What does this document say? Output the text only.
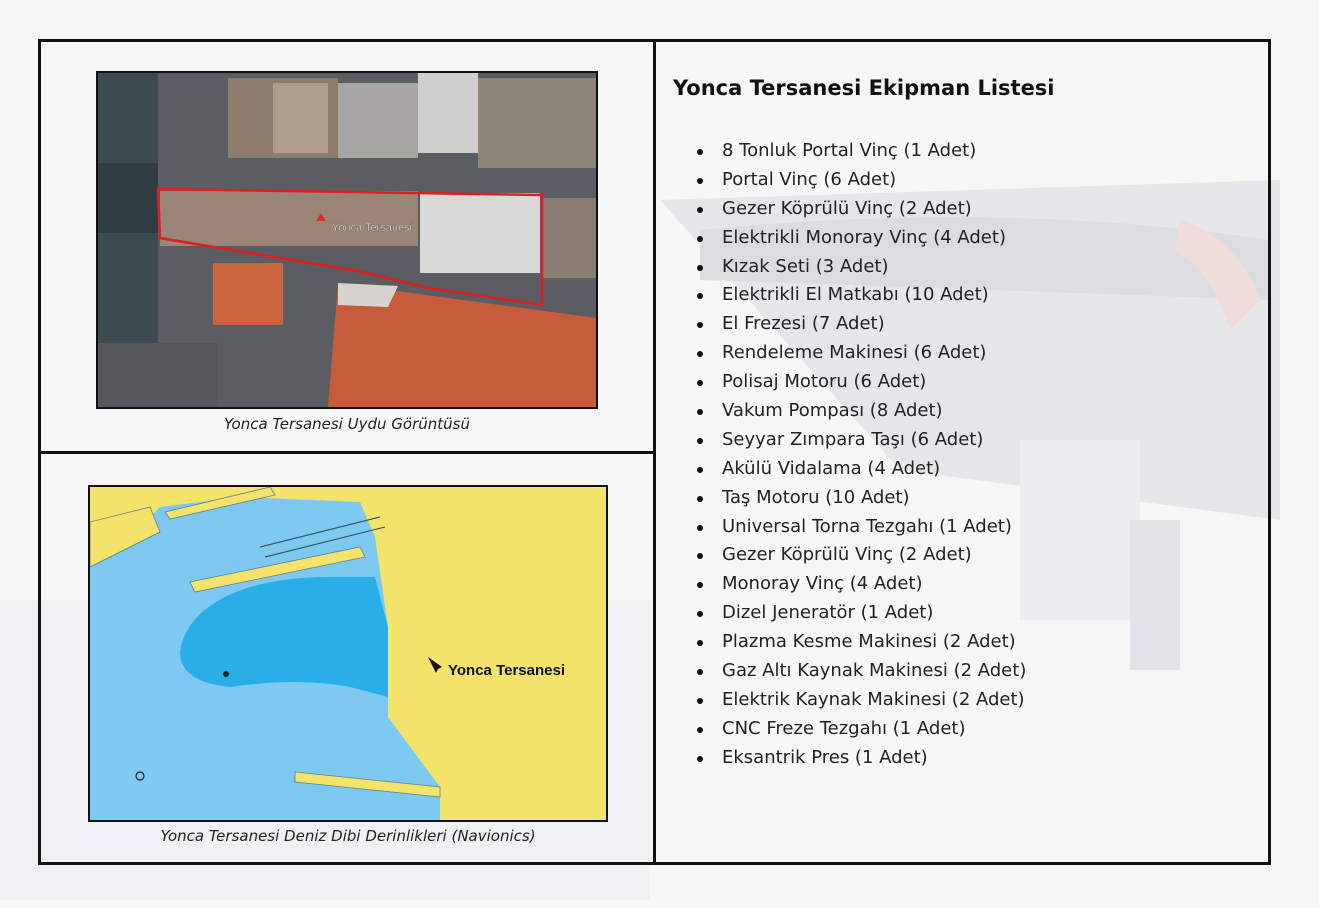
Yonca Tersanesi
Yonca Tersanesi Uydu Görüntüsü
Yonca Tersanesi
Yonca Tersanesi Deniz Dibi Derinlikleri (Navionics)
Yonca Tersanesi Ekipman Listesi
8 Tonluk Portal Vinç (1 Adet)
Portal Vinç (6 Adet)
Gezer Köprülü Vinç (2 Adet)
Elektrikli Monoray Vinç (4 Adet)
Kızak Seti (3 Adet)
Elektrikli El Matkabı (10 Adet)
El Frezesi (7 Adet)
Rendeleme Makinesi (6 Adet)
Polisaj Motoru (6 Adet)
Vakum Pompası (8 Adet)
Seyyar Zımpara Taşı (6 Adet)
Akülü Vidalama (4 Adet)
Taş Motoru (10 Adet)
Universal Torna Tezgahı (1 Adet)
Gezer Köprülü Vinç (2 Adet)
Monoray Vinç (4 Adet)
Dizel Jeneratör (1 Adet)
Plazma Kesme Makinesi (2 Adet)
Gaz Altı Kaynak Makinesi (2 Adet)
Elektrik Kaynak Makinesi (2 Adet)
CNC Freze Tezgahı (1 Adet)
Eksantrik Pres (1 Adet)
